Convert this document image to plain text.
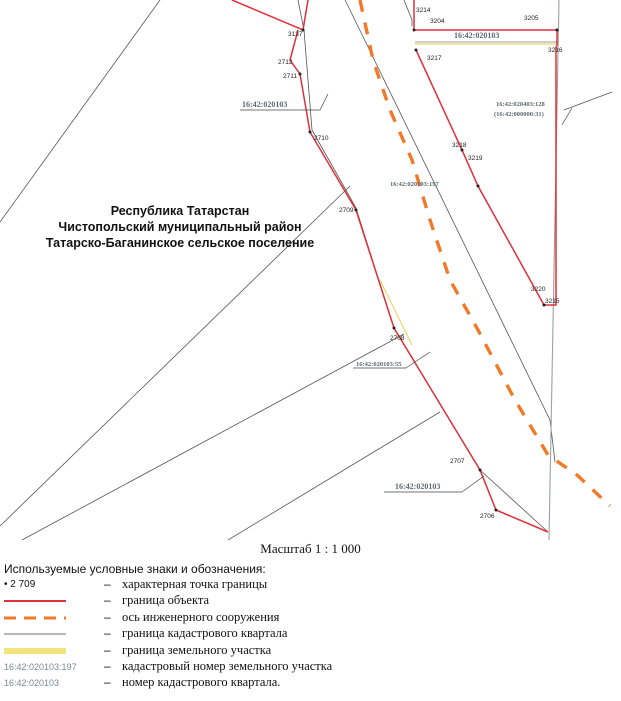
3137
2712
2711
2710
2709
2708
2707
2706
3214
3204	3205
3216
3217
3218
3219
3220
3215
16:42:020103
16:42:020103
16:42:020103
16:42:020103:197
16:42:020103:55
16:42:020403:128
(16:42:000000:31)
Республика Татарстан
Чистопольский муниципальный район
Татарско-Баганинское сельское поселение
Масштаб 1 : 1 000
Используемые условные знаки и обозначения:
• 2 709	– характерная точка границы
– граница объекта
– ось инженерного сооружения
– граница кадастрового квартала
– граница земельного участка
16:42:020103:197 – кадастровый номер земельного участка
16:42:020103	– номер кадастрового квартала.
